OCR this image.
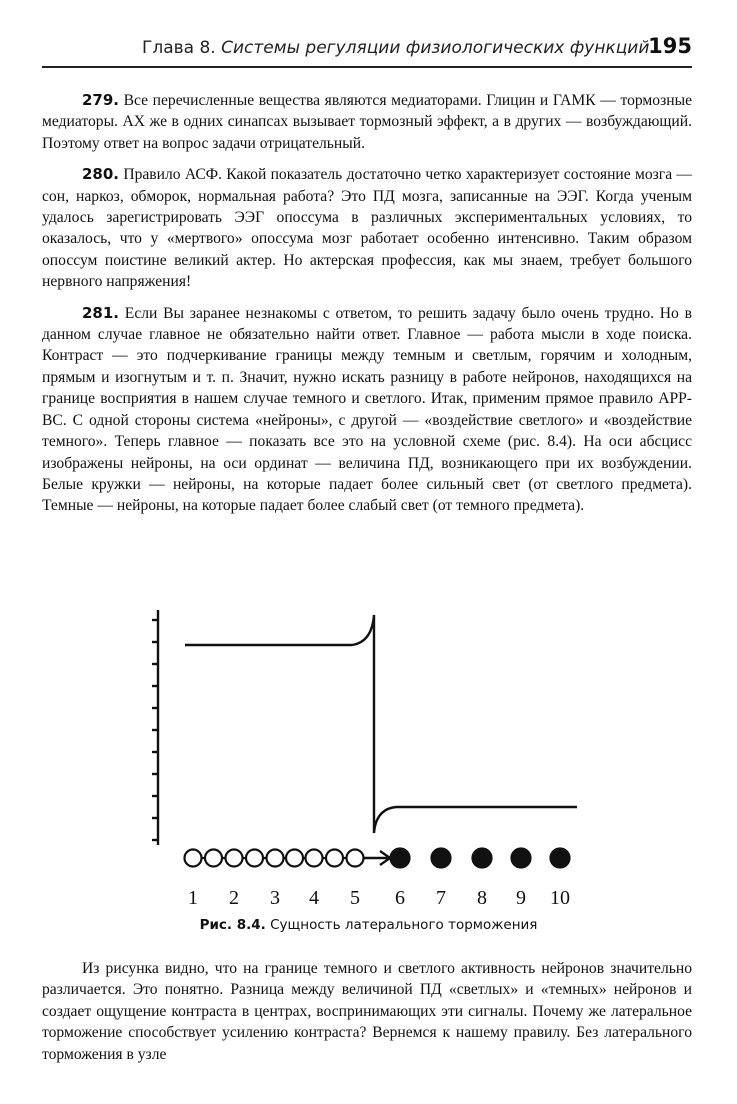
Глава 8. Системы регуляции физиологических функций
195

279. Все перечисленные вещества являются медиаторами. Глицин и ГАМК — тормозные медиаторы. АХ же в одних синапсах вызывает тормозный эффект, а в других — возбуждающий. Поэтому ответ на вопрос задачи отрицательный.

280. Правило АСФ. Какой показатель достаточно четко характеризует состояние мозга — сон, наркоз, обморок, нормальная работа? Это ПД мозга, записанные на ЭЭГ. Когда ученым удалось зарегистрировать ЭЭГ опоссума в различных экспериментальных условиях, то оказалось, что у «мертвого» опоссума мозг работает особенно интенсивно. Таким образом опоссум поистине великий актер. Но актерская профессия, как мы знаем, требует большого нервного напряжения!

281. Если Вы заранее незнакомы с ответом, то решить задачу было очень трудно. Но в данном случае главное не обязательно найти ответ. Главное — работа мысли в ходе поиска. Контраст — это подчеркивание границы между темным и светлым, горячим и холодным, прямым и изогнутым и т. п. Значит, нужно искать разницу в работе нейронов, находящихся на границе восприятия в нашем случае темного и светлого. Итак, применим прямое правило АРР-ВС. С одной стороны система «нейроны», с другой — «воздействие светлого» и «воздействие темного». Теперь главное — показать все это на условной схеме (рис. 8.4). На оси абсцисс изображены нейроны, на оси ординат — величина ПД, возникающего при их возбуждении. Белые кружки — нейроны, на которые падает более сильный свет (от светлого предмета). Темные — нейроны, на которые падает более слабый свет (от темного предмета).

1 2 3 4 5 6 7 8 9 10
Рис. 8.4. Сущность латерального торможения

Из рисунка видно, что на границе темного и светлого активность нейронов значительно различается. Это понятно. Разница между величиной ПД «светлых» и «темных» нейронов и создает ощущение контраста в центрах, воспринимающих эти сигналы. Почему же латеральное торможение способствует усилению контраста? Вернемся к нашему правилу. Без латерального торможения в узле
